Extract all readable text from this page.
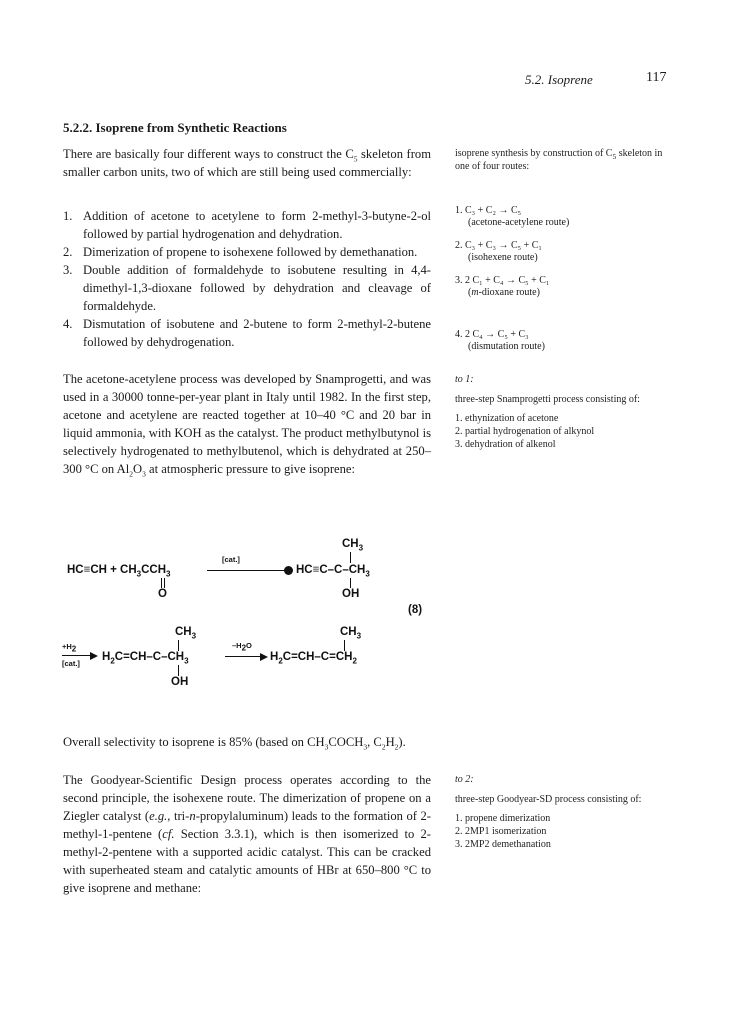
5.2. Isoprene	117
5.2.2. Isoprene from Synthetic Reactions

There are basically four different ways to construct the $C_5$ skeleton from smaller carbon units, two of which are still being used commercially:

1. Addition of acetone to acetylene to form 2-methyl-3-butyne-2-ol followed by partial hydrogenation and dehydration.
2. Dimerization of propene to isohexene followed by demethanation.
3. Double addition of formaldehyde to isobutene resulting in 4,4-dimethyl-1,3-dioxane followed by dehydration and cleavage of formaldehyde.
4. Dismutation of isobutene and 2-butene to form 2-methyl-2-butene followed by dehydrogenation.

The acetone-acetylene process was developed by Snamprogetti, and was used in a 30000 tonne-per-year plant in Italy until 1982. In the first step, acetone and acetylene are reacted together at 10–40 °C and 20 bar in liquid ammonia, with KOH as the catalyst. The product methylbutynol is selectively hydrogenated to methylbutenol, which is dehydrated at 250–300 °C on $Al_2O_3$ at atmospheric pressure to give isoprene:

$CH_3$
$HC\equiv CH + CH_3CCH_3$
O
[cat.]
$HC\equiv C-C-CH_3$
OH
(8)
$CH_3$	$CH_3$
$+H_2$
[cat.]
$H_2C=CH-C-CH_3$
OH
$-H_2O$
$H_2C=CH-C=CH_2$

Overall selectivity to isoprene is 85% (based on $CH_3COCH_3$, $C_2H_2$).

The Goodyear-Scientific Design process operates according to the second principle, the isohexene route. The dimerization of propene on a Ziegler catalyst (e.g., tri-n-propylaluminum) leads to the formation of 2-methyl-1-pentene (cf. Section 3.3.1), which is then isomerized to 2-methyl-2-pentene with a supported acidic catalyst. This can be cracked with superheated steam and catalytic amounts of HBr at 650–800 °C to give isoprene and methane:

isoprene synthesis by construction of $C_5$ skeleton in one of four routes:

1. C₃ + C₂ → C₅
(acetone-acetylene route)
2. C₃ + C₃ → C₅ + C₁
(isohexene route)
3. 2 C₁ + C₄ → C₅ + C₁
(m-dioxane route)
4. 2 C₄ → C₅ + C₃
(dismutation route)

to 1:

three-step Snamprogetti process consisting of:

1. ethynization of acetone

2. partial hydrogenation of alkynol

3. dehydration of alkenol

to 2:

three-step Goodyear-SD process consisting of:

1. propene dimerization

2. 2MP1 isomerization

3. 2MP2 demethanation
